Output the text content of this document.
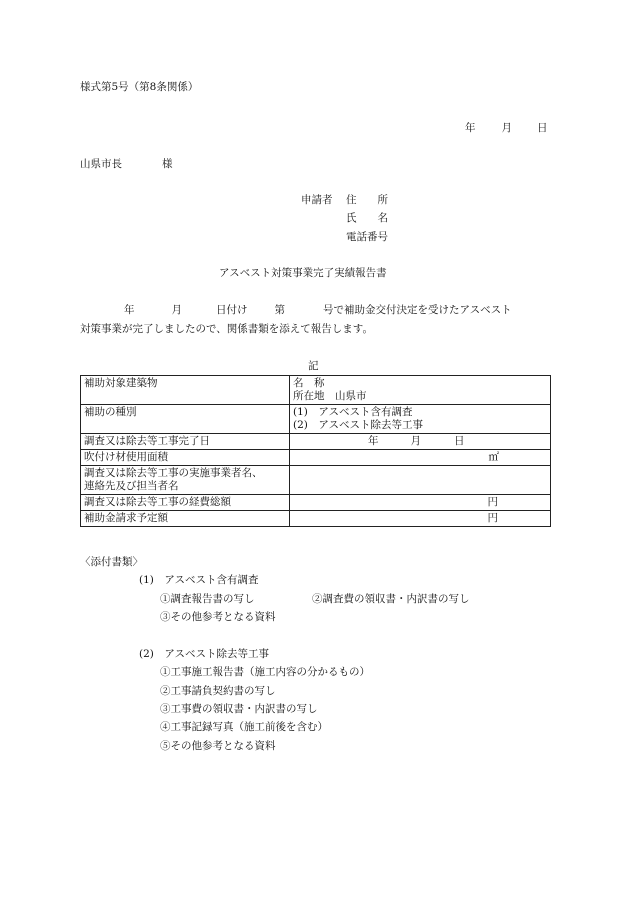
様式第5号（第8条関係）
年 月 日
山県市長	様
申請者 住　　所
氏　　名
電話番号
アスベスト対策事業完了実績報告書
年	月	日付け	第	号で補助金交付決定を受けたアスベスト
対策事業が完了しましたので、関係書類を添えて報告します。
記
補助対象建築物	名　称
所在地　山県市

補助の種別	(1)　アスベスト含有調査
(2)　アスベスト除去等工事

調査又は除去等工事完了日	年 月 日
吹付け材使用面積	㎡

調査又は除去等工事の実施事業者名、
連絡先及び担当者名	

調査又は除去等工事の経費総額	円
補助金請求予定額	円
〈添付書類〉
(1)　アスベスト含有調査
①調査報告書の写し	②調査費の領収書・内訳書の写し
③その他参考となる資料
(2)　アスベスト除去等工事
①工事施工報告書（施工内容の分かるもの）
②工事請負契約書の写し
③工事費の領収書・内訳書の写し
④工事記録写真（施工前後を含む）
⑤その他参考となる資料
